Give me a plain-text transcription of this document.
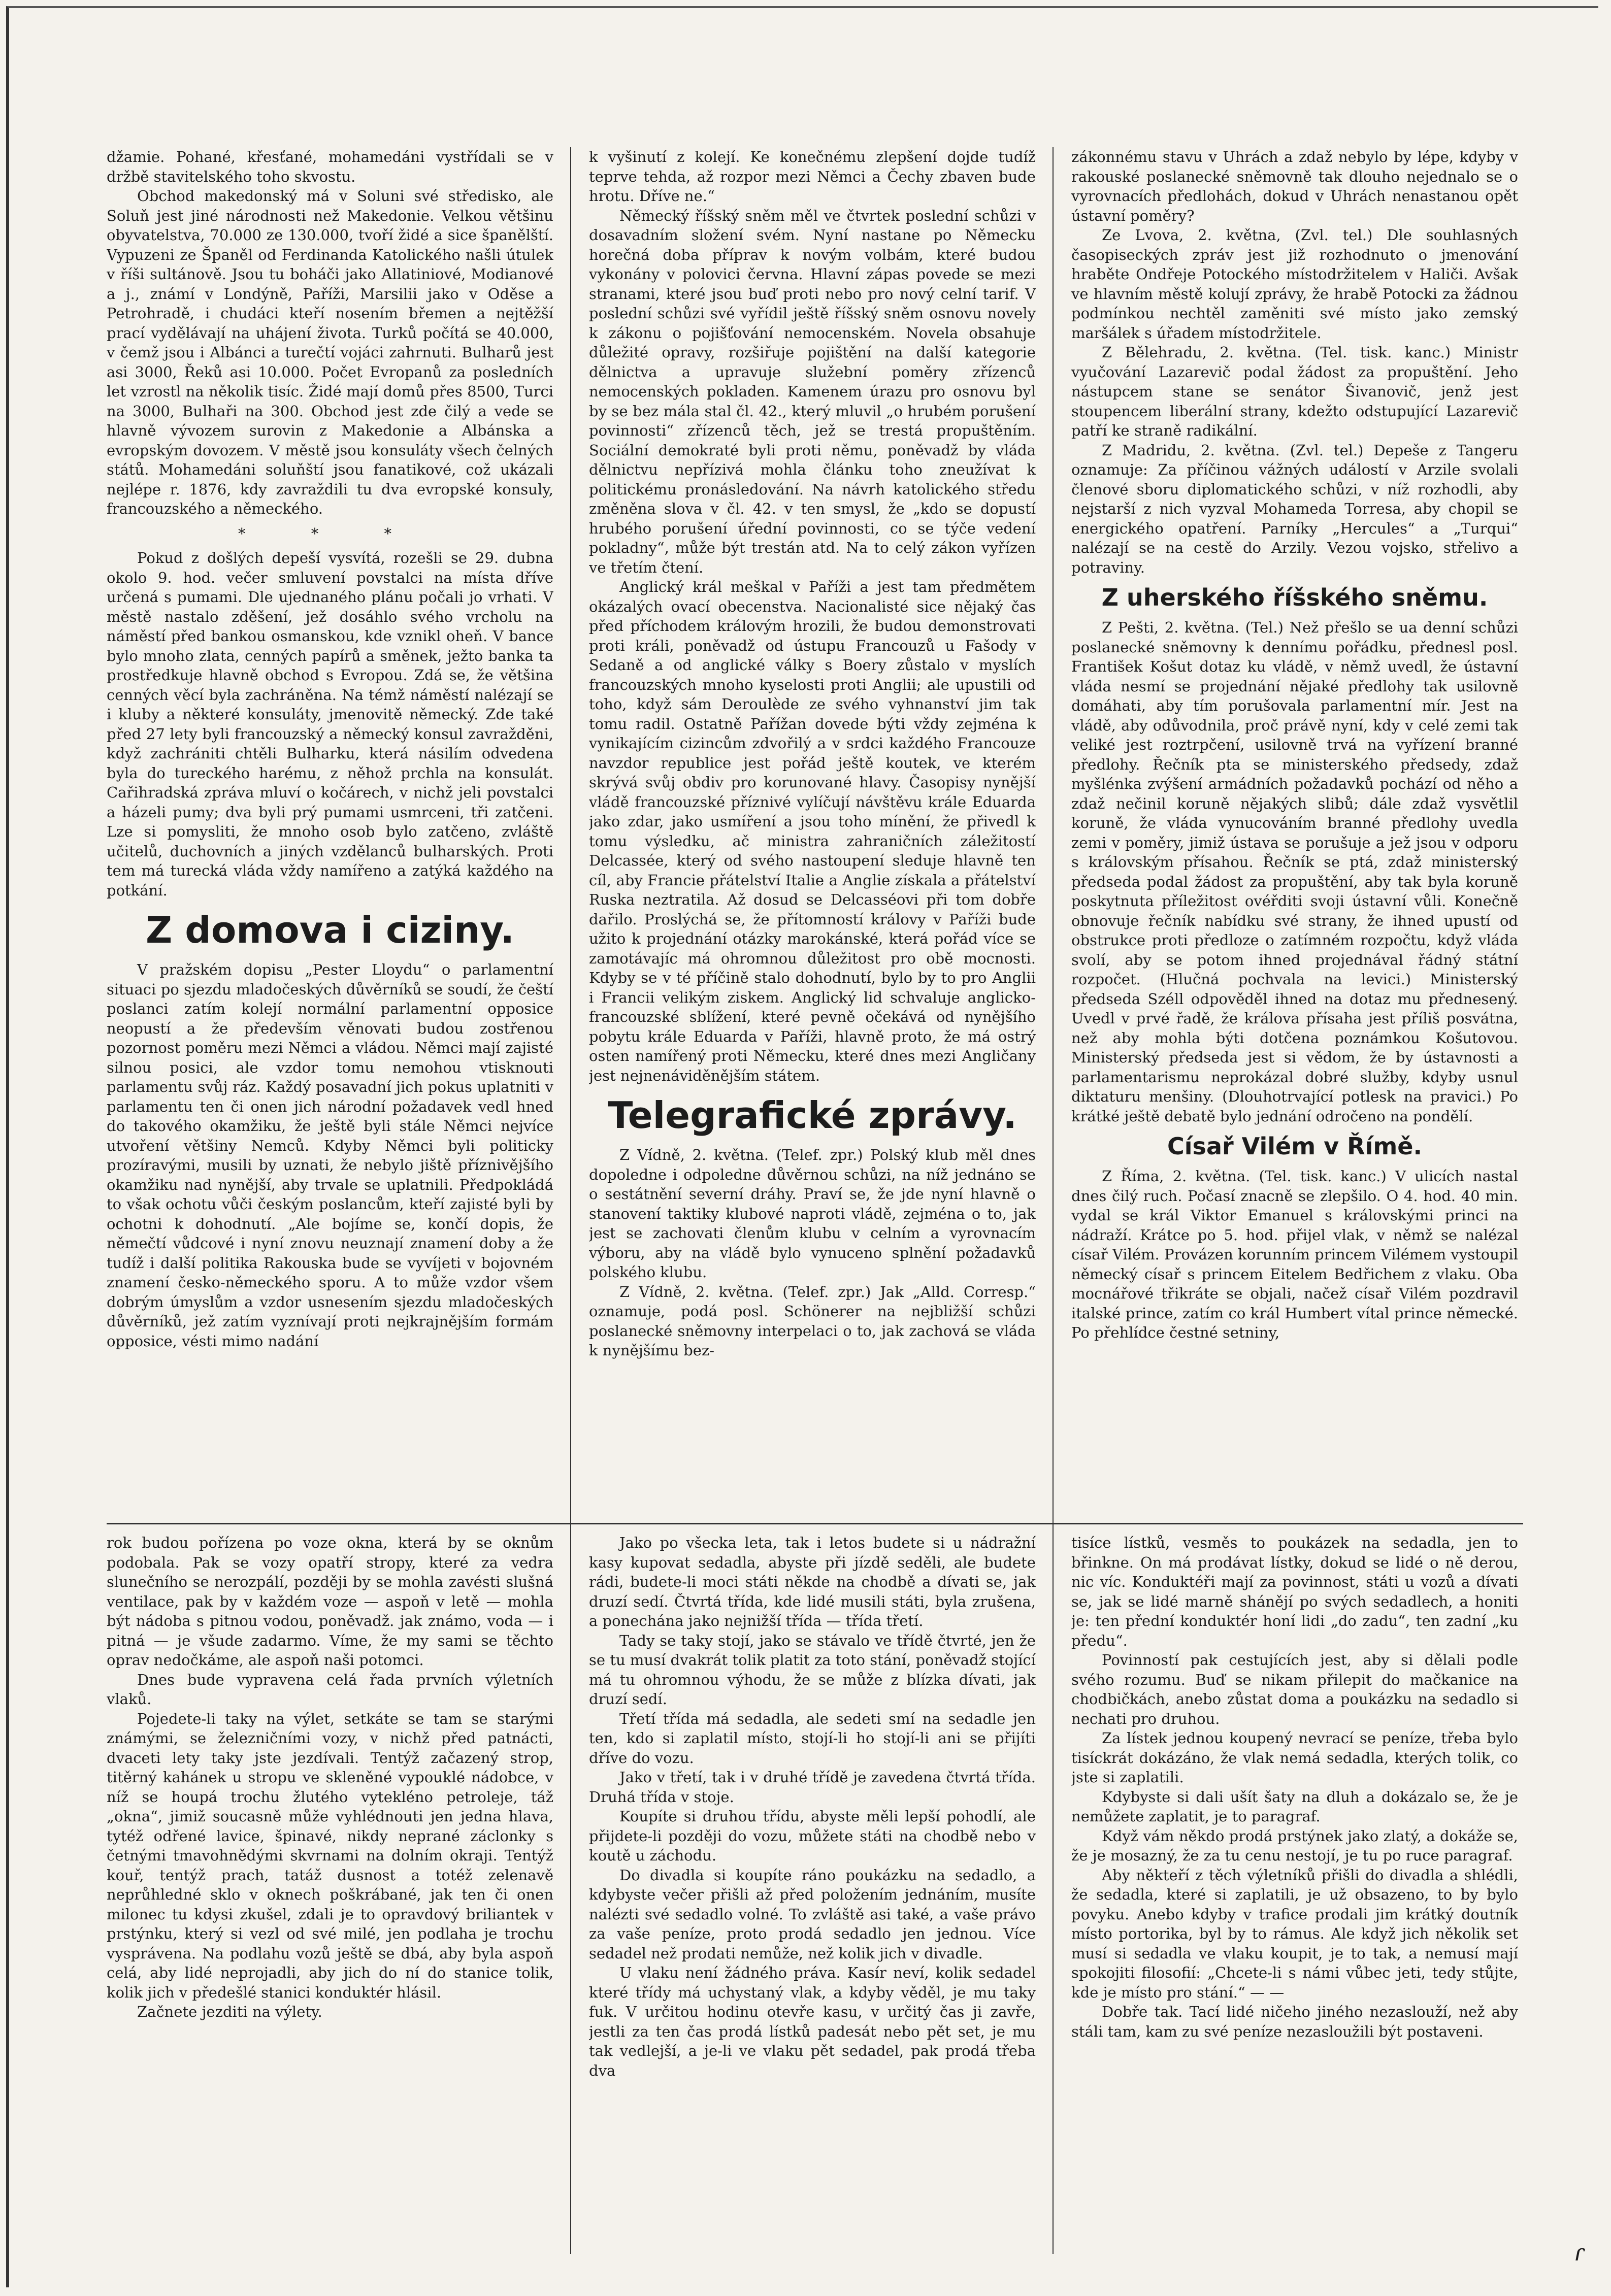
džamie. Pohané, křesťané, mohamedáni vystřídali se v držbě stavitelského toho skvostu.

Obchod makedonský má v Soluni své středisko, ale Soluň jest jiné národnosti než Makedonie. Velkou většinu obyvatelstva, 70.000 ze 130.000, tvoří židé a sice španělští. Vypuzeni ze Španěl od Ferdinanda Katolického našli útulek v říši sultánově. Jsou tu boháči jako Allatiniové, Modianové a j., známí v Londýně, Paříži, Marsilii jako v Oděse a Petrohradě, i chudáci kteří nosením břemen a nejtěžší prací vydělávají na uhájení života. Turků počítá se 40.000, v čemž jsou i Albánci a turečtí vojáci zahrnuti. Bulharů jest asi 3000, Řeků asi 10.000. Počet Evropanů za posledních let vzrostl na několik tisíc. Židé mají domů přes 8500, Turci na 3000, Bulhaři na 300. Obchod jest zde čilý a vede se hlavně vývozem surovin z Makedonie a Albánska a evropským dovozem. V městě jsou konsuláty všech čelných států. Mohamedáni soluňští jsou fanatikové, což ukázali nejlépe r. 1876, kdy zavraždili tu dva evropské konsuly, francouzského a německého.

* * *

Pokud z došlých depeší vysvítá, rozešli se 29. dubna okolo 9. hod. večer smluvení povstalci na místa dříve určená s pumami. Dle ujednaného plánu počali jo vrhati. V městě nastalo zděšení, jež dosáhlo svého vrcholu na náměstí před bankou osmanskou, kde vznikl oheň. V bance bylo mnoho zlata, cenných papírů a směnek, ježto banka ta prostředkuje hlavně obchod s Evropou. Zdá se, že většina cenných věcí byla zachráněna. Na témž náměstí nalézají se i kluby a některé konsuláty, jmenovitě německý. Zde také před 27 lety byli francouzský a německý konsul zavražděni, když zachrániti chtěli Bulharku, která násilím odvedena byla do tureckého harému, z něhož prchla na konsulát. Cařihradská zpráva mluví o kočárech, v nichž jeli povstalci a házeli pumy; dva byli prý pumami usmrceni, tři zatčeni. Lze si pomysliti, že mnoho osob bylo zatčeno, zvláště učitelů, duchovních a jiných vzdělanců bulharských. Proti tem má turecká vláda vždy namířeno a zatýká každého na potkání.

Z domova i ciziny.

V pražském dopisu „Pester Lloydu“ o parlamentní situaci po sjezdu mladočeských důvěrníků se soudí, že čeští poslanci zatím kolejí normální parlamentní opposice neopustí a že především věnovati budou zostřenou pozornost poměru mezi Němci a vládou. Němci mají zajisté silnou posici, ale vzdor tomu nemohou vtisknouti parlamentu svůj ráz. Každý posavadní jich pokus uplatniti v parlamentu ten či onen jich národní požadavek vedl hned do takového okamžiku, že ještě byli stále Němci nejvíce utvoření většiny Nemců. Kdyby Němci byli politicky prozíravými, musili by uznati, že nebylo jiště příznivějšího okamžiku nad nynější, aby trvale se uplatnili. Předpokládá to však ochotu vůči českým poslancům, kteří zajisté byli by ochotni k dohodnutí. „Ale bojíme se, končí dopis, že němečtí vůdcové i nyní znovu neuznají znamení doby a že tudíž i další politika Rakouska bude se vyvíjeti v bojovném znamení česko-německého sporu. A to může vzdor všem dobrým úmyslům a vzdor usnesením sjezdu mladočeských důvěrníků, jež zatím vyznívají proti nejkrajnějším formám opposice, vésti mimo nadání

k vyšinutí z kolejí. Ke konečnému zlepšení dojde tudíž teprve tehda, až rozpor mezi Němci a Čechy zbaven bude hrotu. Dříve ne.“

Německý říšský sněm měl ve čtvrtek poslední schůzi v dosavadním složení svém. Nyní nastane po Německu horečná doba příprav k novým volbám, které budou vykonány v polovici června. Hlavní zápas povede se mezi stranami, které jsou buď proti nebo pro nový celní tarif. V poslední schůzi své vyřídil ještě říšský sněm osnovu novely k zákonu o pojišťování nemocenském. Novela obsahuje důležité opravy, rozšiřuje pojištění na další kategorie dělnictva a upravuje služební poměry zřízenců nemocenských pokladen. Kamenem úrazu pro osnovu byl by se bez mála stal čl. 42., který mluvil „o hrubém porušení povinnosti“ zřízenců těch, jež se trestá propuštěním. Sociální demokraté byli proti němu, poněvadž by vláda dělnictvu nepřízivá mohla článku toho zneužívat k politickému pronásledování. Na návrh katolického středu změněna slova v čl. 42. v ten smysl, že „kdo se dopustí hrubého porušení úřední povinnosti, co se týče vedení pokladny“, může být trestán atd. Na to celý zákon vyřízen ve třetím čtení.

Anglický král meškal v Paříži a jest tam předmětem okázalých ovací obecenstva. Nacionalisté sice nějaký čas před příchodem královým hrozili, že budou demonstrovati proti králi, poněvadž od ústupu Francouzů u Fašody v Sedaně a od anglické války s Boery zůstalo v myslích francouzských mnoho kyselosti proti Anglii; ale upustili od toho, když sám Deroulède ze svého vyhnanství jim tak tomu radil. Ostatně Pařížan dovede býti vždy zejména k vynikajícím cizincům zdvořilý a v srdci každého Francouze navzdor republice jest pořád ještě koutek, ve kterém skrývá svůj obdiv pro korunované hlavy. Časopisy nynější vládě francouzské příznivé vylíčují návštěvu krále Eduarda jako zdar, jako usmíření a jsou toho mínění, že přivedl k tomu výsledku, ač ministra zahraničních záležitostí Delcassée, který od svého nastoupení sleduje hlavně ten cíl, aby Francie přátelství Italie a Anglie získala a přátelství Ruska neztratila. Až dosud se Delcasséovi při tom dobře dařilo. Proslýchá se, že přítomností královy v Paříži bude užito k projednání otázky marokánské, která pořád více se zamotávajíc má ohromnou důležitost pro obě mocnosti. Kdyby se v té příčině stalo dohodnutí, bylo by to pro Anglii i Francii velikým ziskem. Anglický lid schvaluje anglicko-francouzské sblížení, které pevně očekává od nynějšího pobytu krále Eduarda v Paříži, hlavně proto, že má ostrý osten namířený proti Německu, které dnes mezi Angličany jest nejnenáviděnějším státem.

Telegrafické zprávy.

Z Vídně, 2. května. (Telef. zpr.) Polský klub měl dnes dopoledne i odpoledne důvěrnou schůzi, na níž jednáno se o sestátnění severní dráhy. Praví se, že jde nyní hlavně o stanovení taktiky klubové naproti vládě, zejména o to, jak jest se zachovati členům klubu v celním a vyrovnacím výboru, aby na vládě bylo vynuceno splnění požadavků polského klubu.

Z Vídně, 2. května. (Telef. zpr.) Jak „Alld. Corresp.“ oznamuje, podá posl. Schönerer na nejbližší schůzi poslanecké sněmovny interpelaci o to, jak zachová se vláda k nynějšímu bez-

zákonnému stavu v Uhrách a zdaž nebylo by lépe, kdyby v rakouské poslanecké sněmovně tak dlouho nejednalo se o vyrovnacích předlohách, dokud v Uhrách nenastanou opět ústavní poměry?

Ze Lvova, 2. května, (Zvl. tel.) Dle souhlasných časopiseckých zpráv jest již rozhodnuto o jmenování hraběte Ondřeje Potockého místodržitelem v Haliči. Avšak ve hlavním městě kolují zprávy, že hrabě Potocki za žádnou podmínkou nechtěl zaměniti své místo jako zemský maršálek s úřadem místodržitele.

Z Bělehradu, 2. května. (Tel. tisk. kanc.) Ministr vyučování Lazarevič podal žádost za propuštění. Jeho nástupcem stane se senátor Šivanovič, jenž jest stoupencem liberální strany, kdežto odstupující Lazarevič patří ke straně radikální.

Z Madridu, 2. května. (Zvl. tel.) Depeše z Tangeru oznamuje: Za příčinou vážných událostí v Arzile svolali členové sboru diplomatického schůzi, v níž rozhodli, aby nejstarší z nich vyzval Mohameda Torresa, aby chopil se energického opatření. Parníky „Hercules“ a „Turqui“ nalézají se na cestě do Arzily. Vezou vojsko, střelivo a potraviny.

Z uherského říšského sněmu.

Z Pešti, 2. května. (Tel.) Než přešlo se ua denní schůzi poslanecké sněmovny k dennímu pořádku, přednesl posl. František Košut dotaz ku vládě, v němž uvedl, že ústavní vláda nesmí se projednání nějaké předlohy tak usilovně domáhati, aby tím porušovala parlamentní mír. Jest na vládě, aby odůvodnila, proč právě nyní, kdy v celé zemi tak veliké jest roztrpčení, usilovně trvá na vyřízení branné předlohy. Řečník pta se ministerského předsedy, zdaž myšlénka zvýšení armádních požadavků pochází od něho a zdaž nečinil koruně nějakých slibů; dále zdaž vysvětlil koruně, že vláda vynucováním branné předlohy uvedla zemi v poměry, jimiž ústava se porušuje a jež jsou v odporu s královským přísahou. Řečník se ptá, zdaž ministerský předseda podal žádost za propuštění, aby tak byla koruně poskytnuta příležitost ovéřditi svoji ústavní vůli. Konečně obnovuje řečník nabídku své strany, že ihned upustí od obstrukce proti předloze o zatímném rozpočtu, když vláda svolí, aby se potom ihned projednával řádný státní rozpočet. (Hlučná pochvala na levici.) Ministerský předseda Széll odpověděl ihned na dotaz mu přednesený. Uvedl v prvé řadě, že králova přísaha jest příliš posvátna, než aby mohla býti dotčena poznámkou Košutovou. Ministerský předseda jest si vědom, že by ústavnosti a parlamentarismu neprokázal dobré služby, kdyby usnul diktaturu menšiny. (Dlouhotrvající potlesk na pravici.) Po krátké ještě debatě bylo jednání odročeno na pondělí.

Císař Vilém v Římě.

Z Říma, 2. května. (Tel. tisk. kanc.) V ulicích nastal dnes čilý ruch. Počasí znacně se zlepšilo. O 4. hod. 40 min. vydal se král Viktor Emanuel s královskými princi na nádraží. Krátce po 5. hod. přijel vlak, v němž se nalézal císař Vilém. Provázen korunním princem Vilémem vystoupil německý císař s princem Eitelem Bedřichem z vlaku. Oba mocnářové třikráte se objali, načež císař Vilém pozdravil italské prince, zatím co král Humbert vítal prince německé. Po přehlídce čestné setniny,

rok budou pořízena po voze okna, která by se oknům podobala. Pak se vozy opatří stropy, které za vedra slunečního se nerozpálí, později by se mohla zavésti slušná ventilace, pak by v každém voze — aspoň v letě — mohla být nádoba s pitnou vodou, poněvadž. jak známo, voda — i pitná — je všude zadarmo. Víme, že my sami se těchto oprav nedočkáme, ale aspoň naši potomci.

Dnes bude vypravena celá řada prvních výletních vlaků.

Pojedete-li taky na výlet, setkáte se tam se starými známými, se železničními vozy, v nichž před patnácti, dvaceti lety taky jste jezdívali. Tentýž začazený strop, titěrný kahánek u stropu ve skleněné vypouklé nádobce, v níž se houpá trochu žlutého vytekléno petroleje, táž „okna“, jimiž soucasně může vyhlédnouti jen jedna hlava, tytéž odřené lavice, špinavé, nikdy neprané záclonky s četnými tmavohnědými skvrnami na dolním okraji. Tentýž kouř, tentýž prach, tatáž dusnost a totéž zelenavě neprůhledné sklo v oknech poškrábané, jak ten či onen milonec tu kdysi zkušel, zdali je to opravdový briliantek v prstýnku, který si vezl od své milé, jen podlaha je trochu vysprávena. Na podlahu vozů ještě se dbá, aby byla aspoň celá, aby lidé neprojadli, aby jich do ní do stanice tolik, kolik jich v předešlé stanici konduktér hlásil.

Začnete jezditi na výlety.

Jako po všecka leta, tak i letos budete si u nádražní kasy kupovat sedadla, abyste při jízdě seděli, ale budete rádi, budete-li moci státi někde na chodbě a dívati se, jak druzí sedí. Čtvrtá třída, kde lidé musili státi, byla zrušena, a ponechána jako nejnižší třída — třída třetí.

Tady se taky stojí, jako se stávalo ve třídě čtvrté, jen že se tu musí dvakrát tolik platit za toto stání, poněvadž stojící má tu ohromnou výhodu, že se může z blízka dívati, jak druzí sedí.

Třetí třída má sedadla, ale sedeti smí na sedadle jen ten, kdo si zaplatil místo, stojí-li ho stojí-li ani se přijíti dříve do vozu.

Jako v třetí, tak i v druhé třídě je zavedena čtvrtá třída. Druhá třída v stoje.

Koupíte si druhou třídu, abyste měli lepší pohodlí, ale přijdete-li později do vozu, můžete státi na chodbě nebo v koutě u záchodu.

Do divadla si koupíte ráno poukázku na sedadlo, a kdybyste večer přišli až před položením jednáním, musíte nalézti své sedadlo volné. To zvláště asi také, a vaše právo za vaše peníze, proto prodá sedadlo jen jednou. Více sedadel než prodati nemůže, než kolik jich v divadle.

U vlaku není žádného práva. Kasír neví, kolik sedadel které třídy má uchystaný vlak, a kdyby věděl, je mu taky fuk. V určitou hodinu otevře kasu, v určitý čas ji zavře, jestli za ten čas prodá lístků padesát nebo pět set, je mu tak vedlejší, a je-li ve vlaku pět sedadel, pak prodá třeba dva

tisíce lístků, vesměs to poukázek na sedadla, jen to břinkne. On má prodávat lístky, dokud se lidé o ně derou, nic víc. Konduktéři mají za povinnost, státi u vozů a dívati se, jak se lidé marně shánějí po svých sedadlech, a honiti je: ten přední konduktér honí lidi „do zadu“, ten zadní „ku předu“.

Povinností pak cestujících jest, aby si dělali podle svého rozumu. Buď se nikam přilepit do mačkanice na chodbičkách, anebo zůstat doma a poukázku na sedadlo si nechati pro druhou.

Za lístek jednou koupený nevrací se peníze, třeba bylo tisíckrát dokázáno, že vlak nemá sedadla, kterých tolik, co jste si zaplatili.

Kdybyste si dali ušít šaty na dluh a dokázalo se, že je nemůžete zaplatit, je to paragraf.

Když vám někdo prodá prstýnek jako zlatý, a dokáže se, že je mosazný, že za tu cenu nestojí, je tu po ruce paragraf.

Aby někteří z těch výletníků přišli do divadla a shlédli, že sedadla, které si zaplatili, je už obsazeno, to by bylo povyku. Anebo kdyby v trafice prodali jim krátký doutník místo portorika, byl by to rámus. Ale když jich několik set musí si sedadla ve vlaku koupit, je to tak, a nemusí mají spokojiti filosofií: „Chcete-li s námi vůbec jeti, tedy stůjte, kde je místo pro stání.“ — —

Dobře tak. Tací lidé ničeho jiného nezaslouží, než aby stáli tam, kam zu své peníze nezasloužili být postaveni.

ɾ
